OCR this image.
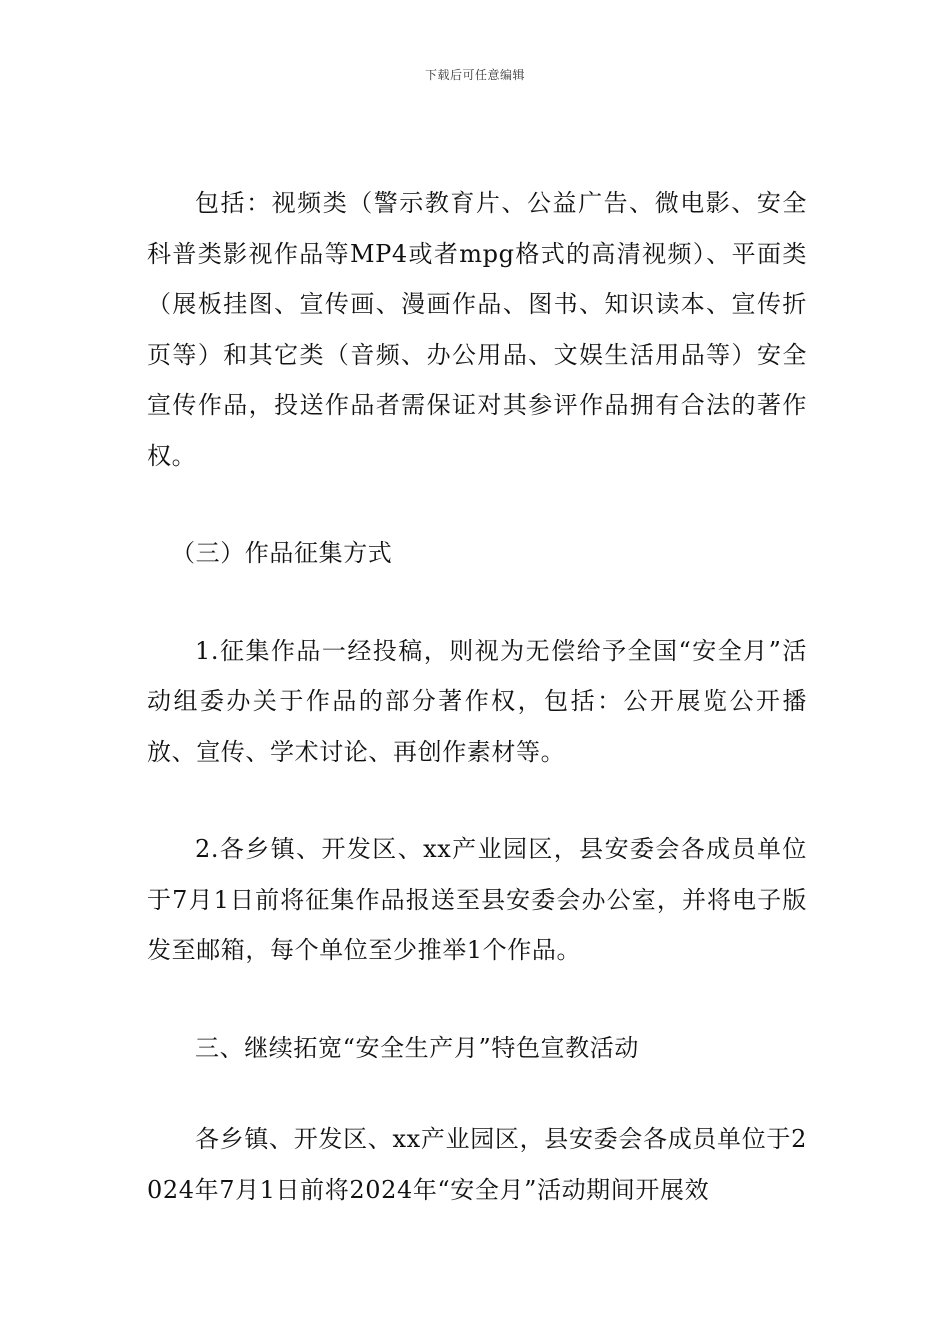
下载后可任意编辑

包括：视频类（警示教育片、公益广告、微电影、安全科普类影视作品等MP4或者mpg格式的高清视频）、平面类（展板挂图、宣传画、漫画作品、图书、知识读本、宣传折页等）和其它类（音频、办公用品、文娱生活用品等）安全宣传作品，投送作品者需保证对其参评作品拥有合法的著作权。

（三）作品征集方式

1.征集作品一经投稿，则视为无偿给予全国“安全月”活动组委办关于作品的部分著作权，包括：公开展览公开播放、宣传、学术讨论、再创作素材等。

2.各乡镇、开发区、xx产业园区，县安委会各成员单位于7月1日前将征集作品报送至县安委会办公室，并将电子版发至邮箱，每个单位至少推举1个作品。

三、继续拓宽“安全生产月”特色宣教活动

各乡镇、开发区、xx产业园区，县安委会各成员单位于2024年7月1日前将2024年“安全月”活动期间开展效
